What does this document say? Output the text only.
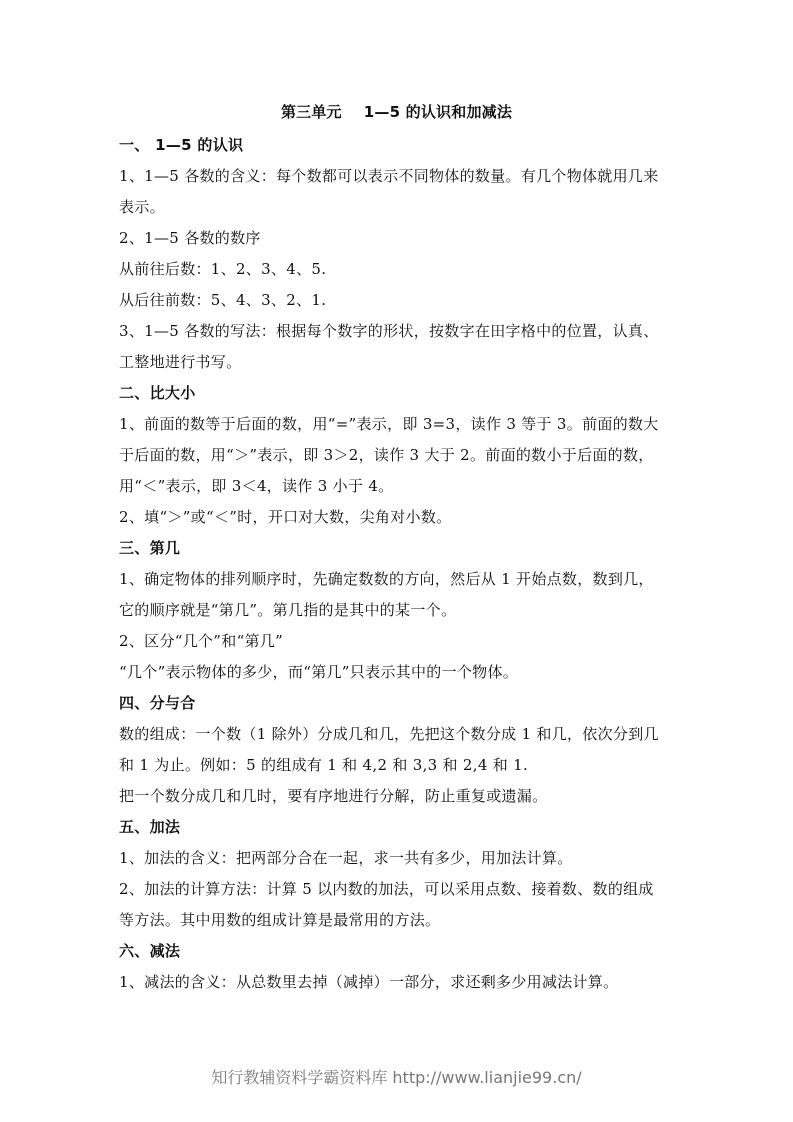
第三单元 1—5 的认识和加减法
一、 1—5 的认识
1、1—5 各数的含义：每个数都可以表示不同物体的数量。有几个物体就用几来
表示。
2、1—5 各数的数序
从前往后数：1、2、3、4、5.
从后往前数：5、4、3、2、1.
3、1—5 各数的写法：根据每个数字的形状，按数字在田字格中的位置，认真、
工整地进行书写。
二、比大小
1、前面的数等于后面的数，用“=”表示，即 3=3，读作 3 等于 3。前面的数大
于后面的数，用“＞”表示，即 3＞2，读作 3 大于 2。前面的数小于后面的数，
用“＜”表示，即 3＜4，读作 3 小于 4。
2、填“＞”或“＜”时，开口对大数，尖角对小数。
三、第几
1、确定物体的排列顺序时，先确定数数的方向，然后从 1 开始点数，数到几，
它的顺序就是“第几”。第几指的是其中的某一个。
2、区分“几个”和“第几”
“几个”表示物体的多少，而“第几”只表示其中的一个物体。
四、分与合
数的组成：一个数（1 除外）分成几和几，先把这个数分成 1 和几，依次分到几
和 1 为止。例如：5 的组成有 1 和 4,2 和 3,3 和 2,4 和 1.
把一个数分成几和几时，要有序地进行分解，防止重复或遗漏。
五、加法
1、加法的含义：把两部分合在一起，求一共有多少，用加法计算。
2、加法的计算方法：计算 5 以内数的加法，可以采用点数、接着数、数的组成
等方法。其中用数的组成计算是最常用的方法。
六、减法
1、减法的含义：从总数里去掉（减掉）一部分，求还剩多少用减法计算。
知行教辅资料学霸资料库 http://www.lianjie99.cn/
